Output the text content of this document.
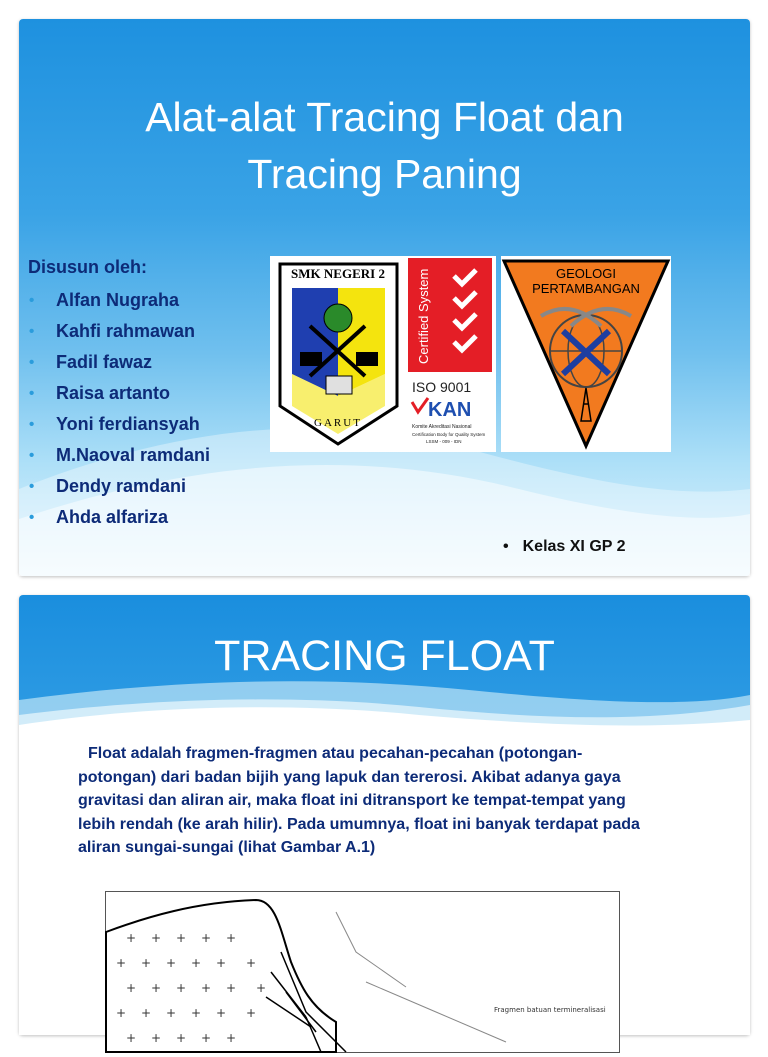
Alat-alat Tracing Float dan
Tracing Paning
Disusun oleh:
• Alfan Nugraha
• Kahfi rahmawan
• Fadil fawaz
• Raisa artanto
• Yoni ferdiansyah
• M.Naoval ramdani
• Dendy ramdani
• Ahda alfariza
SMK NEGERI 2
GARUT
Certified System
ISO 9001
KAN
Komite Akreditasi Nasional
Certification Body for Quality System
LSSM - 009 - IDN
GEOLOGI
PERTAMBANGAN
• Kelas XI GP 2
TRACING FLOAT

Float adalah fragmen-fragmen atau pecahan-pecahan (potongan-potongan) dari badan bijih yang lapuk dan tererosi. Akibat adanya gaya gravitasi dan aliran air, maka float ini ditransport ke tempat-tempat yang lebih rendah (ke arah hilir). Pada umumnya, float ini banyak terdapat pada aliran sungai-sungai (lihat Gambar A.1)

+ + + + +
+ + + + + +
+ + + + + +
+ + + + + +
+ + + + +
Fragmen batuan termineralisasi
